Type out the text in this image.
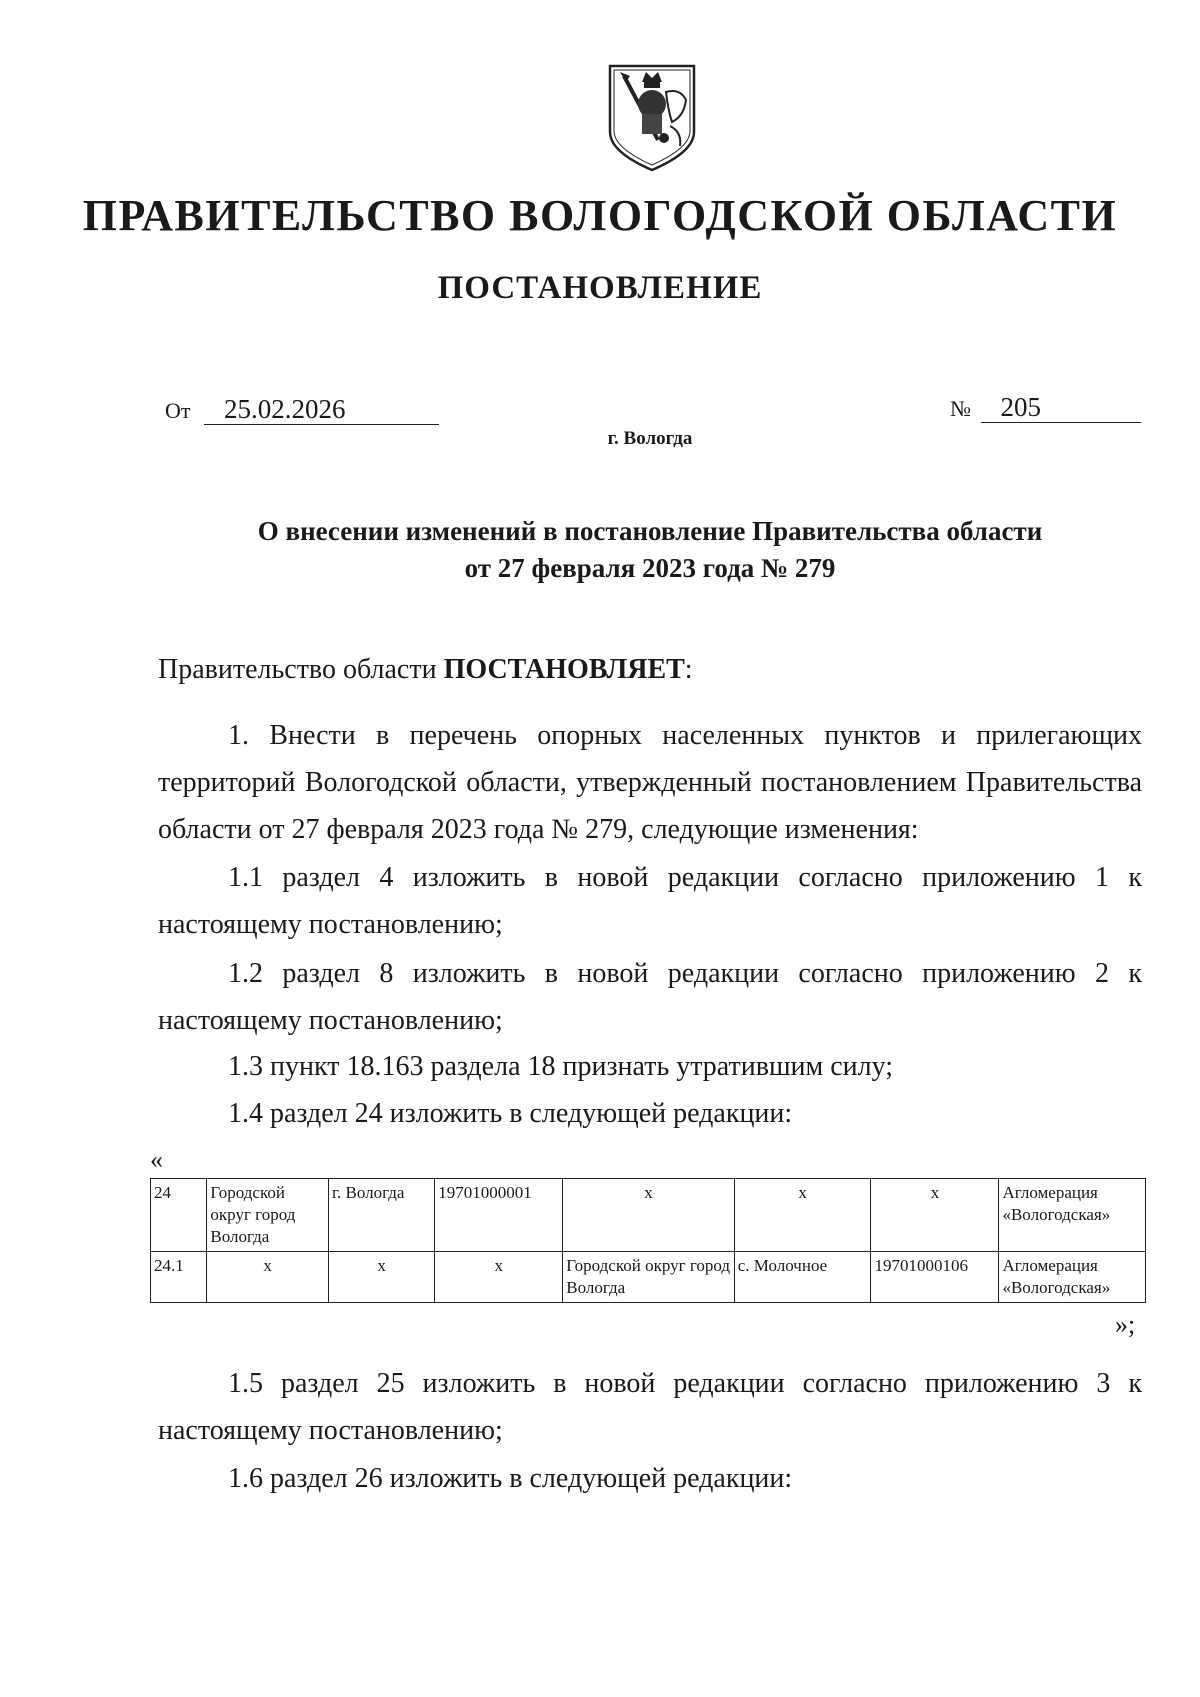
ПРАВИТЕЛЬСТВО ВОЛОГОДСКОЙ ОБЛАСТИ
ПОСТАНОВЛЕНИЕ
От 25.02.2026	№ 205
г. Вологда
О внесении изменений в постановление Правительства области
от 27 февраля 2023 года № 279

Правительство области ПОСТАНОВЛЯЕТ:

1. Внести в перечень опорных населенных пунктов и прилегающих территорий Вологодской области, утвержденный постановлением Правительства области от 27 февраля 2023 года № 279, следующие изменения:

1.1 раздел 4 изложить в новой редакции согласно приложению 1 к настоящему постановлению;

1.2 раздел 8 изложить в новой редакции согласно приложению 2 к настоящему постановлению;

1.3 пункт 18.163 раздела 18 признать утратившим силу;

1.4 раздел 24 изложить в следующей редакции:

«
24	Городской округ город Вологда	г. Вологда	19701000001	х	х	х	Агломерация «Вологодская»
24.1	х	х	х	Городской округ город Вологда	с. Молочное	19701000106	Агломерация «Вологодская»
»;

1.5 раздел 25 изложить в новой редакции согласно приложению 3 к настоящему постановлению;

1.6 раздел 26 изложить в следующей редакции:
